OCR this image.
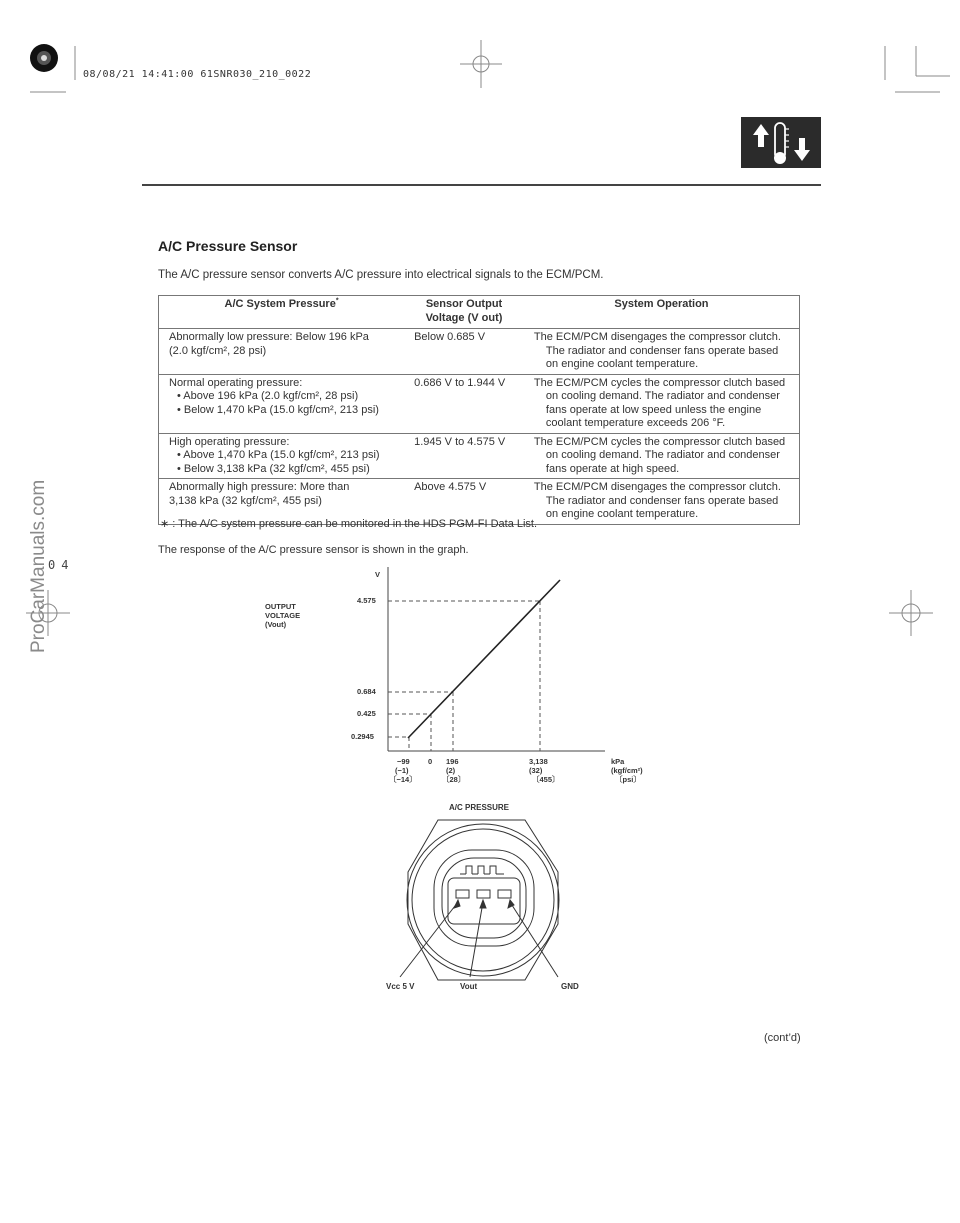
08/08/21 14:41:00 61SNR030_210_0022
ProCarManuals.com 04
A/C Pressure Sensor
The A/C pressure sensor converts A/C pressure into electrical signals to the ECM/PCM.
A/C System Pressure*	Sensor Output
Voltage (V out)	System Operation

Abnormally low pressure: Below 196 kPa
(2.0 kgf/cm², 28 psi)	Below 0.685 V	The ECM/PCM disengages the compressor clutch. The radiator and condenser fans operate based on engine coolant temperature.

Normal operating pressure:
• Above 196 kPa (2.0 kgf/cm², 28 psi)
• Below 1,470 kPa (15.0 kgf/cm², 213 psi)	0.686 V to 1.944 V	The ECM/PCM cycles the compressor clutch based on cooling demand. The radiator and condenser fans operate at low speed unless the engine coolant temperature exceeds 206 °F.

High operating pressure:
• Above 1,470 kPa (15.0 kgf/cm², 213 psi)
• Below 3,138 kPa (32 kgf/cm², 455 psi)	1.945 V to 4.575 V	The ECM/PCM cycles the compressor clutch based on cooling demand. The radiator and condenser fans operate at high speed.

Abnormally high pressure: More than
3,138 kPa (32 kgf/cm², 455 psi)	Above 4.575 V	The ECM/PCM disengages the compressor clutch. The radiator and condenser fans operate based on engine coolant temperature.
∗ : The A/C system pressure can be monitored in the HDS PGM-FI Data List.
The response of the A/C pressure sensor is shown in the graph.
V
OUTPUT
VOLTAGE
(Vout)
4.575
0.684
0.425
0.2945
−99
(−1)
〔−14〕
0 196
(2)
〔28〕
3,138
(32)
〔455〕
kPa
(kgf/cm²)
〔psi〕
A/C PRESSURE
Vcc 5 V	Vout	GND
(cont’d)
